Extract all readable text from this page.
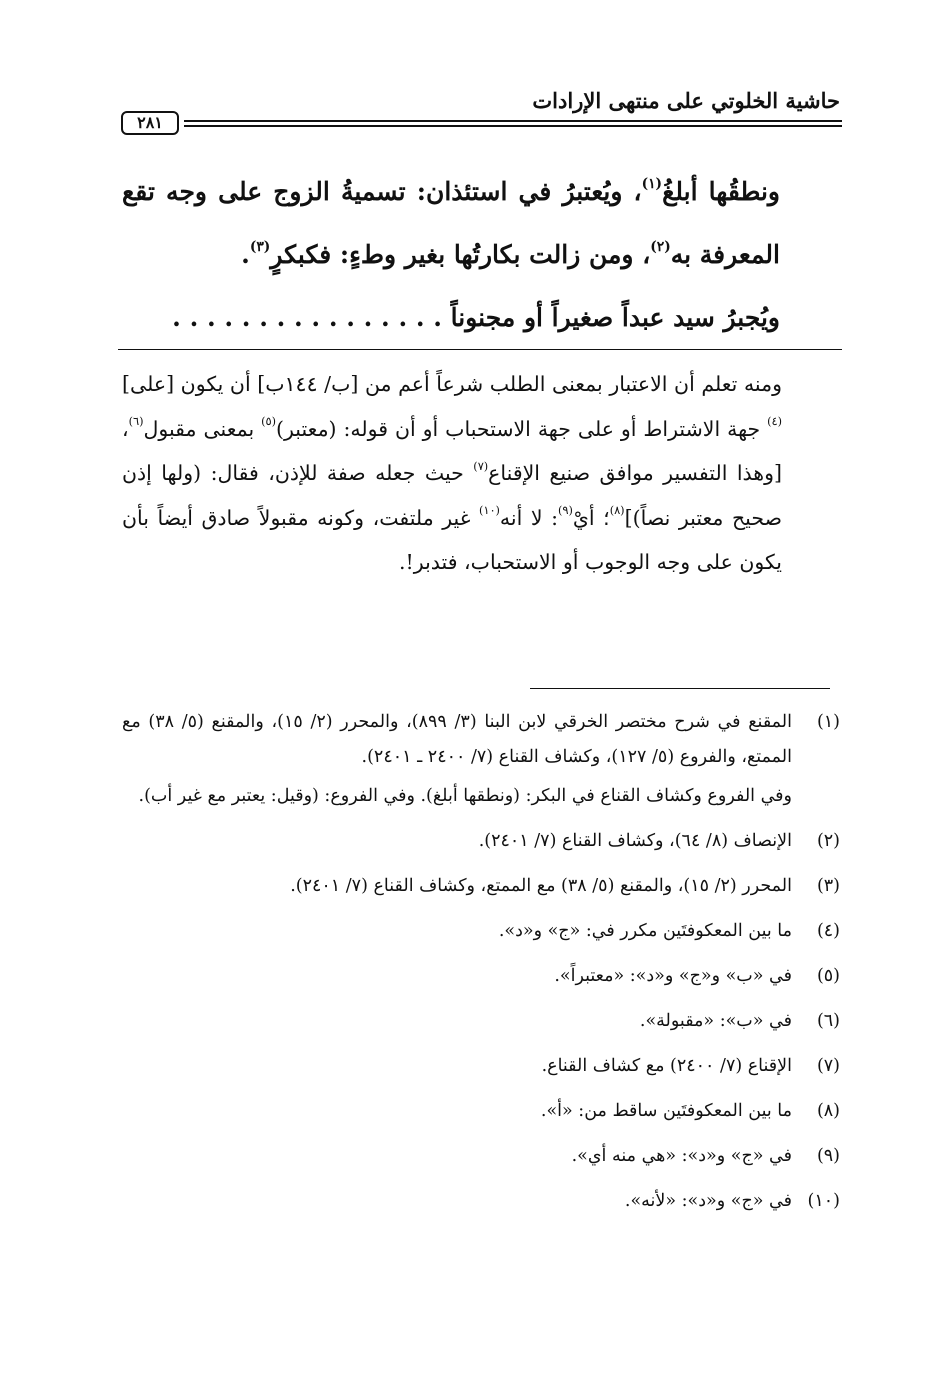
حاشية الخلوتي على منتهى الإرادات
٢٨١

ونطقُها أبلغُ$^{(١)}$، ويُعتبرُ في استئذان: تسميةُ الزوج على وجه تقع المعرفة به$^{(٢)}$، ومن زالت بكارتُها بغير وطءٍ: فكبكرٍ$^{(٣)}$.

ويُجبرُ سيد عبداً صغيراً أو مجنوناً . . . . . . . . . . . . . . . .

ومنه تعلم أن الاعتبار بمعنى الطلب شرعاً أعم من [ب/ ١٤٤ب] أن يكون [على]$^{(٤)}$ جهة الاشتراط أو على جهة الاستحباب أو أن قوله: (معتبر)$^{(٥)}$ بمعنى مقبول$^{(٦)}$، [وهذا التفسير موافق صنيع الإقناع$^{(٧)}$ حيث جعله صفة للإذن، فقال: (ولها إذن صحيح معتبر نصاً)]$^{(٨)}$؛ أيْ$^{(٩)}$: لا أنه$^{(١٠)}$ غير ملتفت، وكونه مقبولاً صادق أيضاً بأن يكون على وجه الوجوب أو الاستحباب، فتدبر!.

(١)
المقنع في شرح مختصر الخرقي لابن البنا (٣/ ٨٩٩)، والمحرر (٢/ ١٥)، والمقنع (٥/ ٣٨) مع الممتع، والفروع (٥/ ١٢٧)، وكشاف القناع (٧/ ٢٤٠٠ ـ ٢٤٠١).
وفي الفروع وكشاف القناع في البكر: (ونطقها أبلغ). وفي الفروع: (وقيل: يعتبر مع غير أب).
(٢)
الإنصاف (٨/ ٦٤)، وكشاف القناع (٧/ ٢٤٠١).
(٣)
المحرر (٢/ ١٥)، والمقنع (٥/ ٣٨) مع الممتع، وكشاف القناع (٧/ ٢٤٠١).
(٤)
ما بين المعكوفتَين مكرر في: «ج» و«د».
(٥)
في «ب» و«ج» و«د»: «معتبراً».
(٦)
في «ب»: «مقبولة».
(٧)
الإقناع (٧/ ٢٤٠٠) مع كشاف القناع.
(٨)
ما بين المعكوفتَين ساقط من: «أ».
(٩)
في «ج» و«د»: «هي منه أي».
(١٠)
في «ج» و«د»: «لأنه».
